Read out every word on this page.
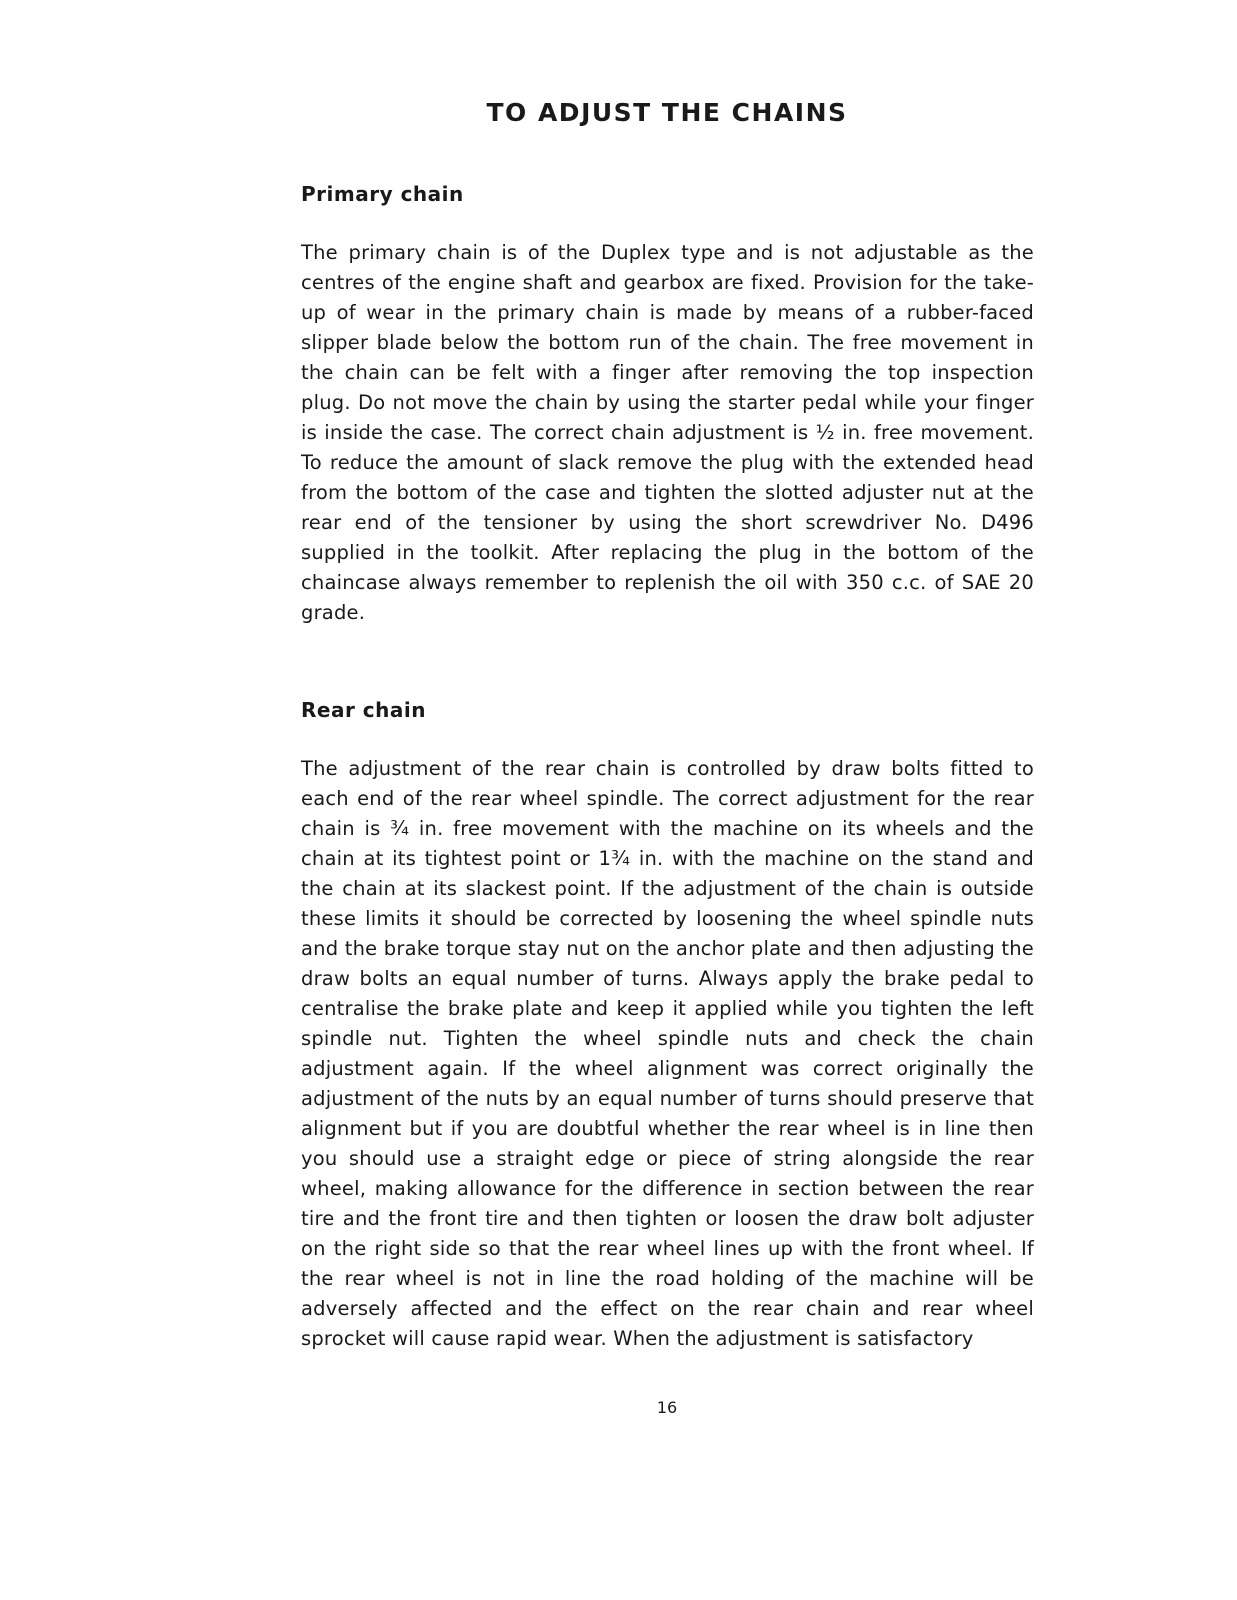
TO ADJUST THE CHAINS
Primary chain

The primary chain is of the Duplex type and is not adjustable as the centres of the engine shaft and gearbox are fixed. Provision for the take-up of wear in the primary chain is made by means of a rubber-faced slipper blade below the bottom run of the chain. The free movement in the chain can be felt with a finger after removing the top inspection plug. Do not move the chain by using the starter pedal while your finger is inside the case. The correct chain adjustment is ½ in. free movement. To reduce the amount of slack remove the plug with the extended head from the bottom of the case and tighten the slotted adjuster nut at the rear end of the tensioner by using the short screwdriver No. D496 supplied in the toolkit. After replacing the plug in the bottom of the chaincase always remember to replenish the oil with 350 c.c. of SAE 20 grade.

Rear chain

The adjustment of the rear chain is controlled by draw bolts fitted to each end of the rear wheel spindle. The correct adjustment for the rear chain is ¾ in. free movement with the machine on its wheels and the chain at its tightest point or 1¾ in. with the machine on the stand and the chain at its slackest point. If the adjustment of the chain is outside these limits it should be corrected by loosening the wheel spindle nuts and the brake torque stay nut on the anchor plate and then adjusting the draw bolts an equal number of turns. Always apply the brake pedal to centralise the brake plate and keep it applied while you tighten the left spindle nut. Tighten the wheel spindle nuts and check the chain adjustment again. If the wheel alignment was correct originally the adjustment of the nuts by an equal number of turns should preserve that alignment but if you are doubtful whether the rear wheel is in line then you should use a straight edge or piece of string alongside the rear wheel, making allowance for the difference in section between the rear tire and the front tire and then tighten or loosen the draw bolt adjuster on the right side so that the rear wheel lines up with the front wheel. If the rear wheel is not in line the road holding of the machine will be adversely affected and the effect on the rear chain and rear wheel sprocket will cause rapid wear. When the adjustment is satisfactory

16
